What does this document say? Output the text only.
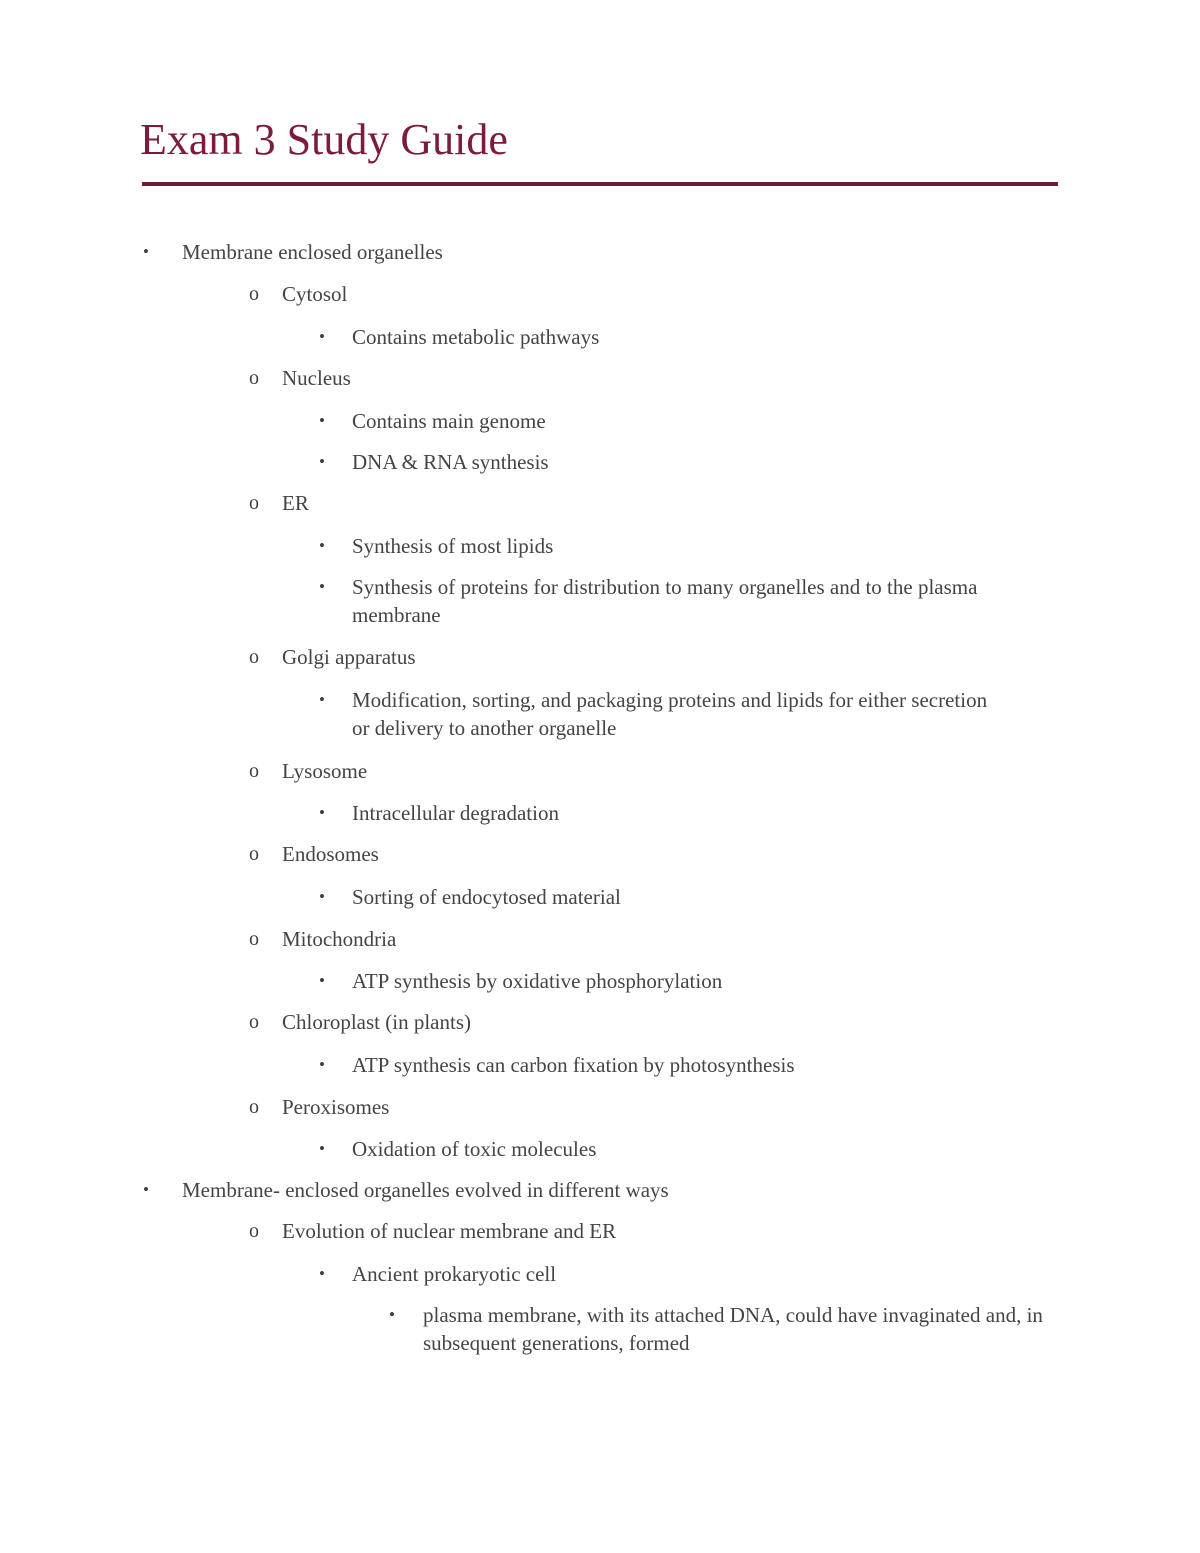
Exam 3 Study Guide
•	Membrane enclosed organelles
o Cytosol
•	Contains metabolic pathways
o Nucleus
•	Contains main genome
•	DNA & RNA synthesis
o ER
•	Synthesis of most lipids
•	Synthesis of proteins for distribution to many organelles and to the plasma membrane
o Golgi apparatus
•	Modification, sorting, and packaging proteins and lipids for either secretion or delivery to another organelle
o Lysosome
•	Intracellular degradation
o Endosomes
•	Sorting of endocytosed material
o Mitochondria
•	ATP synthesis by oxidative phosphorylation
o Chloroplast (in plants)
•	ATP synthesis can carbon fixation by photosynthesis
o Peroxisomes
•	Oxidation of toxic molecules
•	Membrane- enclosed organelles evolved in different ways
o Evolution of nuclear membrane and ER
•	Ancient prokaryotic cell
•	plasma membrane, with its attached DNA, could have invaginated and, in subsequent generations, formed
